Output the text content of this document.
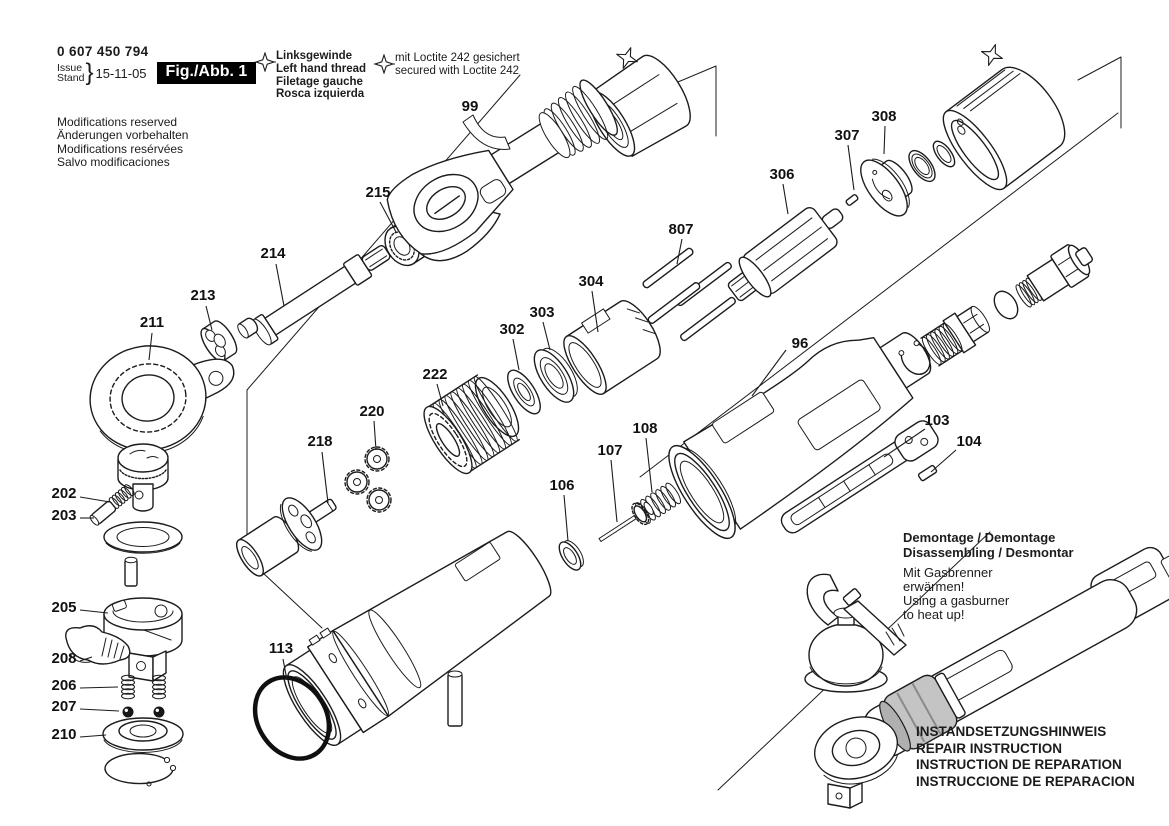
99
215
214
213
211
202
203
205
208
206
207
210
218
220
222
302
303
304
106
107
108
113
807
306
307
308
96
103
104
0 607 450 794
Issue
Stand } 15-11-05	Fig./Abb. 1
Modifications reserved
Änderungen vorbehalten
Modifications resérvées
Salvo modificaciones
Linksgewinde
Left hand thread
Filetage gauche
Rosca izquierda
mit Loctite 242 gesichert
secured with Loctite 242
Demontage / Demontage
Disassembling / Desmontar
Mit Gasbrenner
erwärmen!
Using a gasburner
to heat up!
INSTANDSETZUNGSHINWEIS
REPAIR INSTRUCTION
INSTRUCTION DE REPARATION
INSTRUCCIONE DE REPARACION
